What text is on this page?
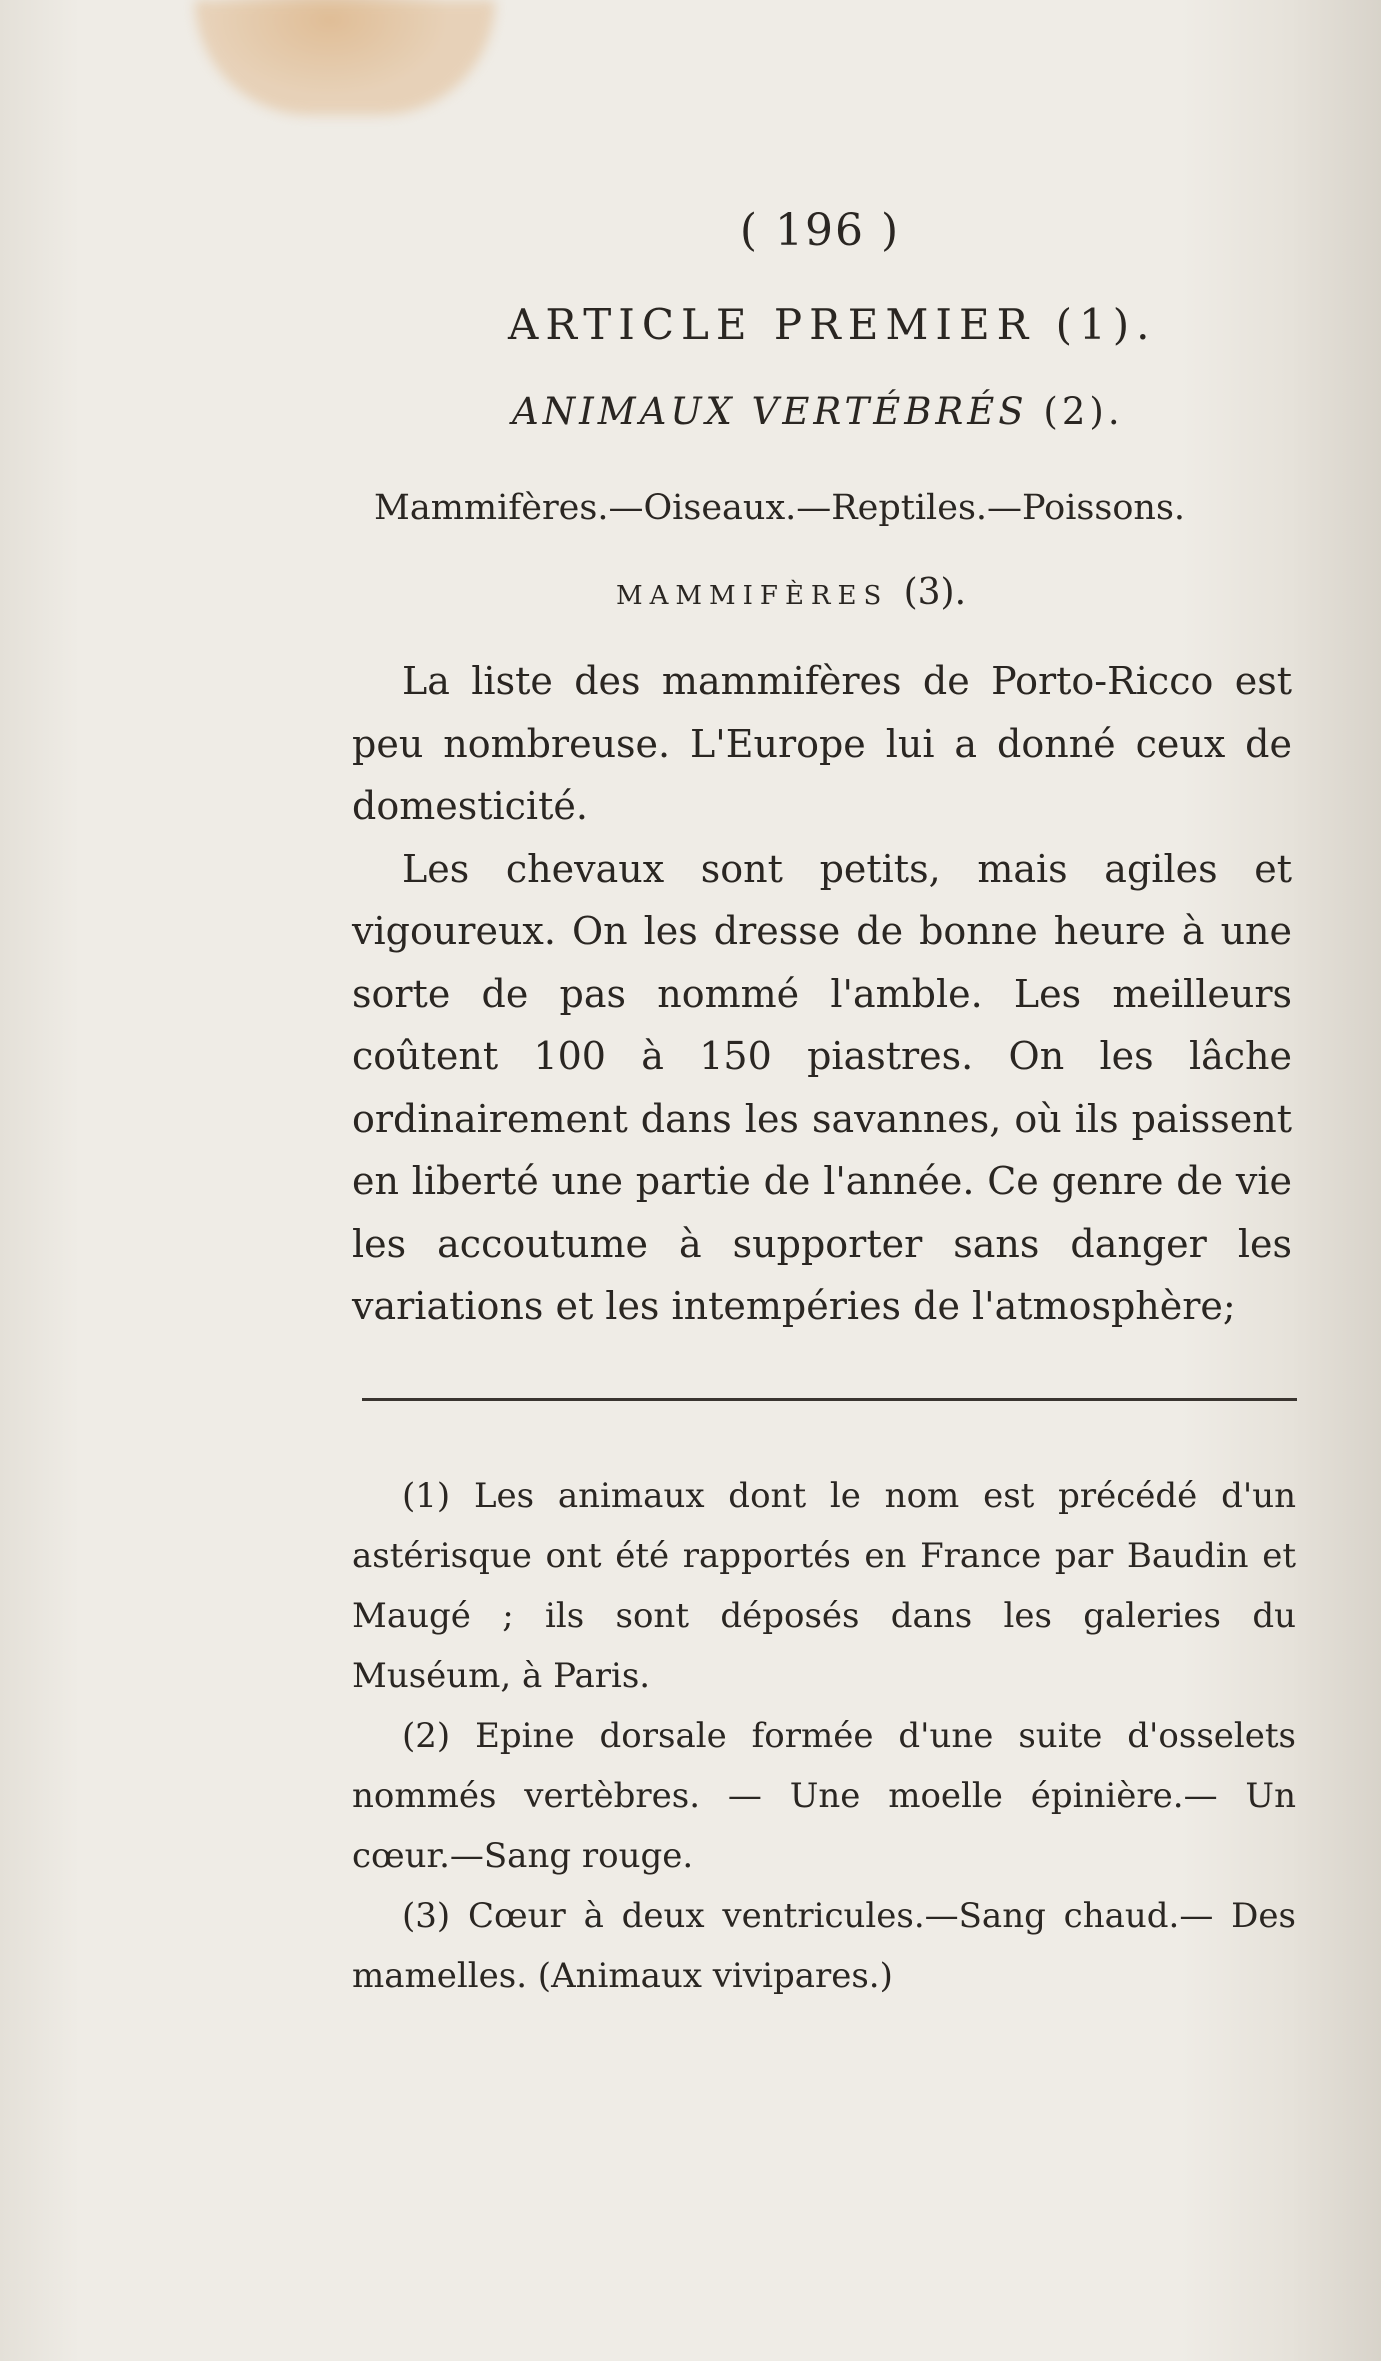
( 196 )
ARTICLE PREMIER (1).
ANIMAUX VERTÉBRÉS (2).
Mammifères.—Oiseaux.—Reptiles.—Poissons.
MAMMIFÈRES (3).

La liste des mammifères de Porto-Ricco est peu nombreuse. L'Europe lui a donné ceux de domesticité.

Les chevaux sont petits, mais agiles et vigoureux. On les dresse de bonne heure à une sorte de pas nommé l'amble. Les meilleurs coûtent 100 à 150 piastres. On les lâche ordinairement dans les savannes, où ils paissent en liberté une partie de l'année. Ce genre de vie les accoutume à supporter sans danger les variations et les intempéries de l'atmosphère;

(1) Les animaux dont le nom est précédé d'un astérisque ont été rapportés en France par Baudin et Maugé ; ils sont déposés dans les galeries du Muséum, à Paris.

(2) Epine dorsale formée d'une suite d'osselets nommés vertèbres. — Une moelle épinière.— Un cœur.—Sang rouge.

(3) Cœur à deux ventricules.—Sang chaud.— Des mamelles. (Animaux vivipares.)
